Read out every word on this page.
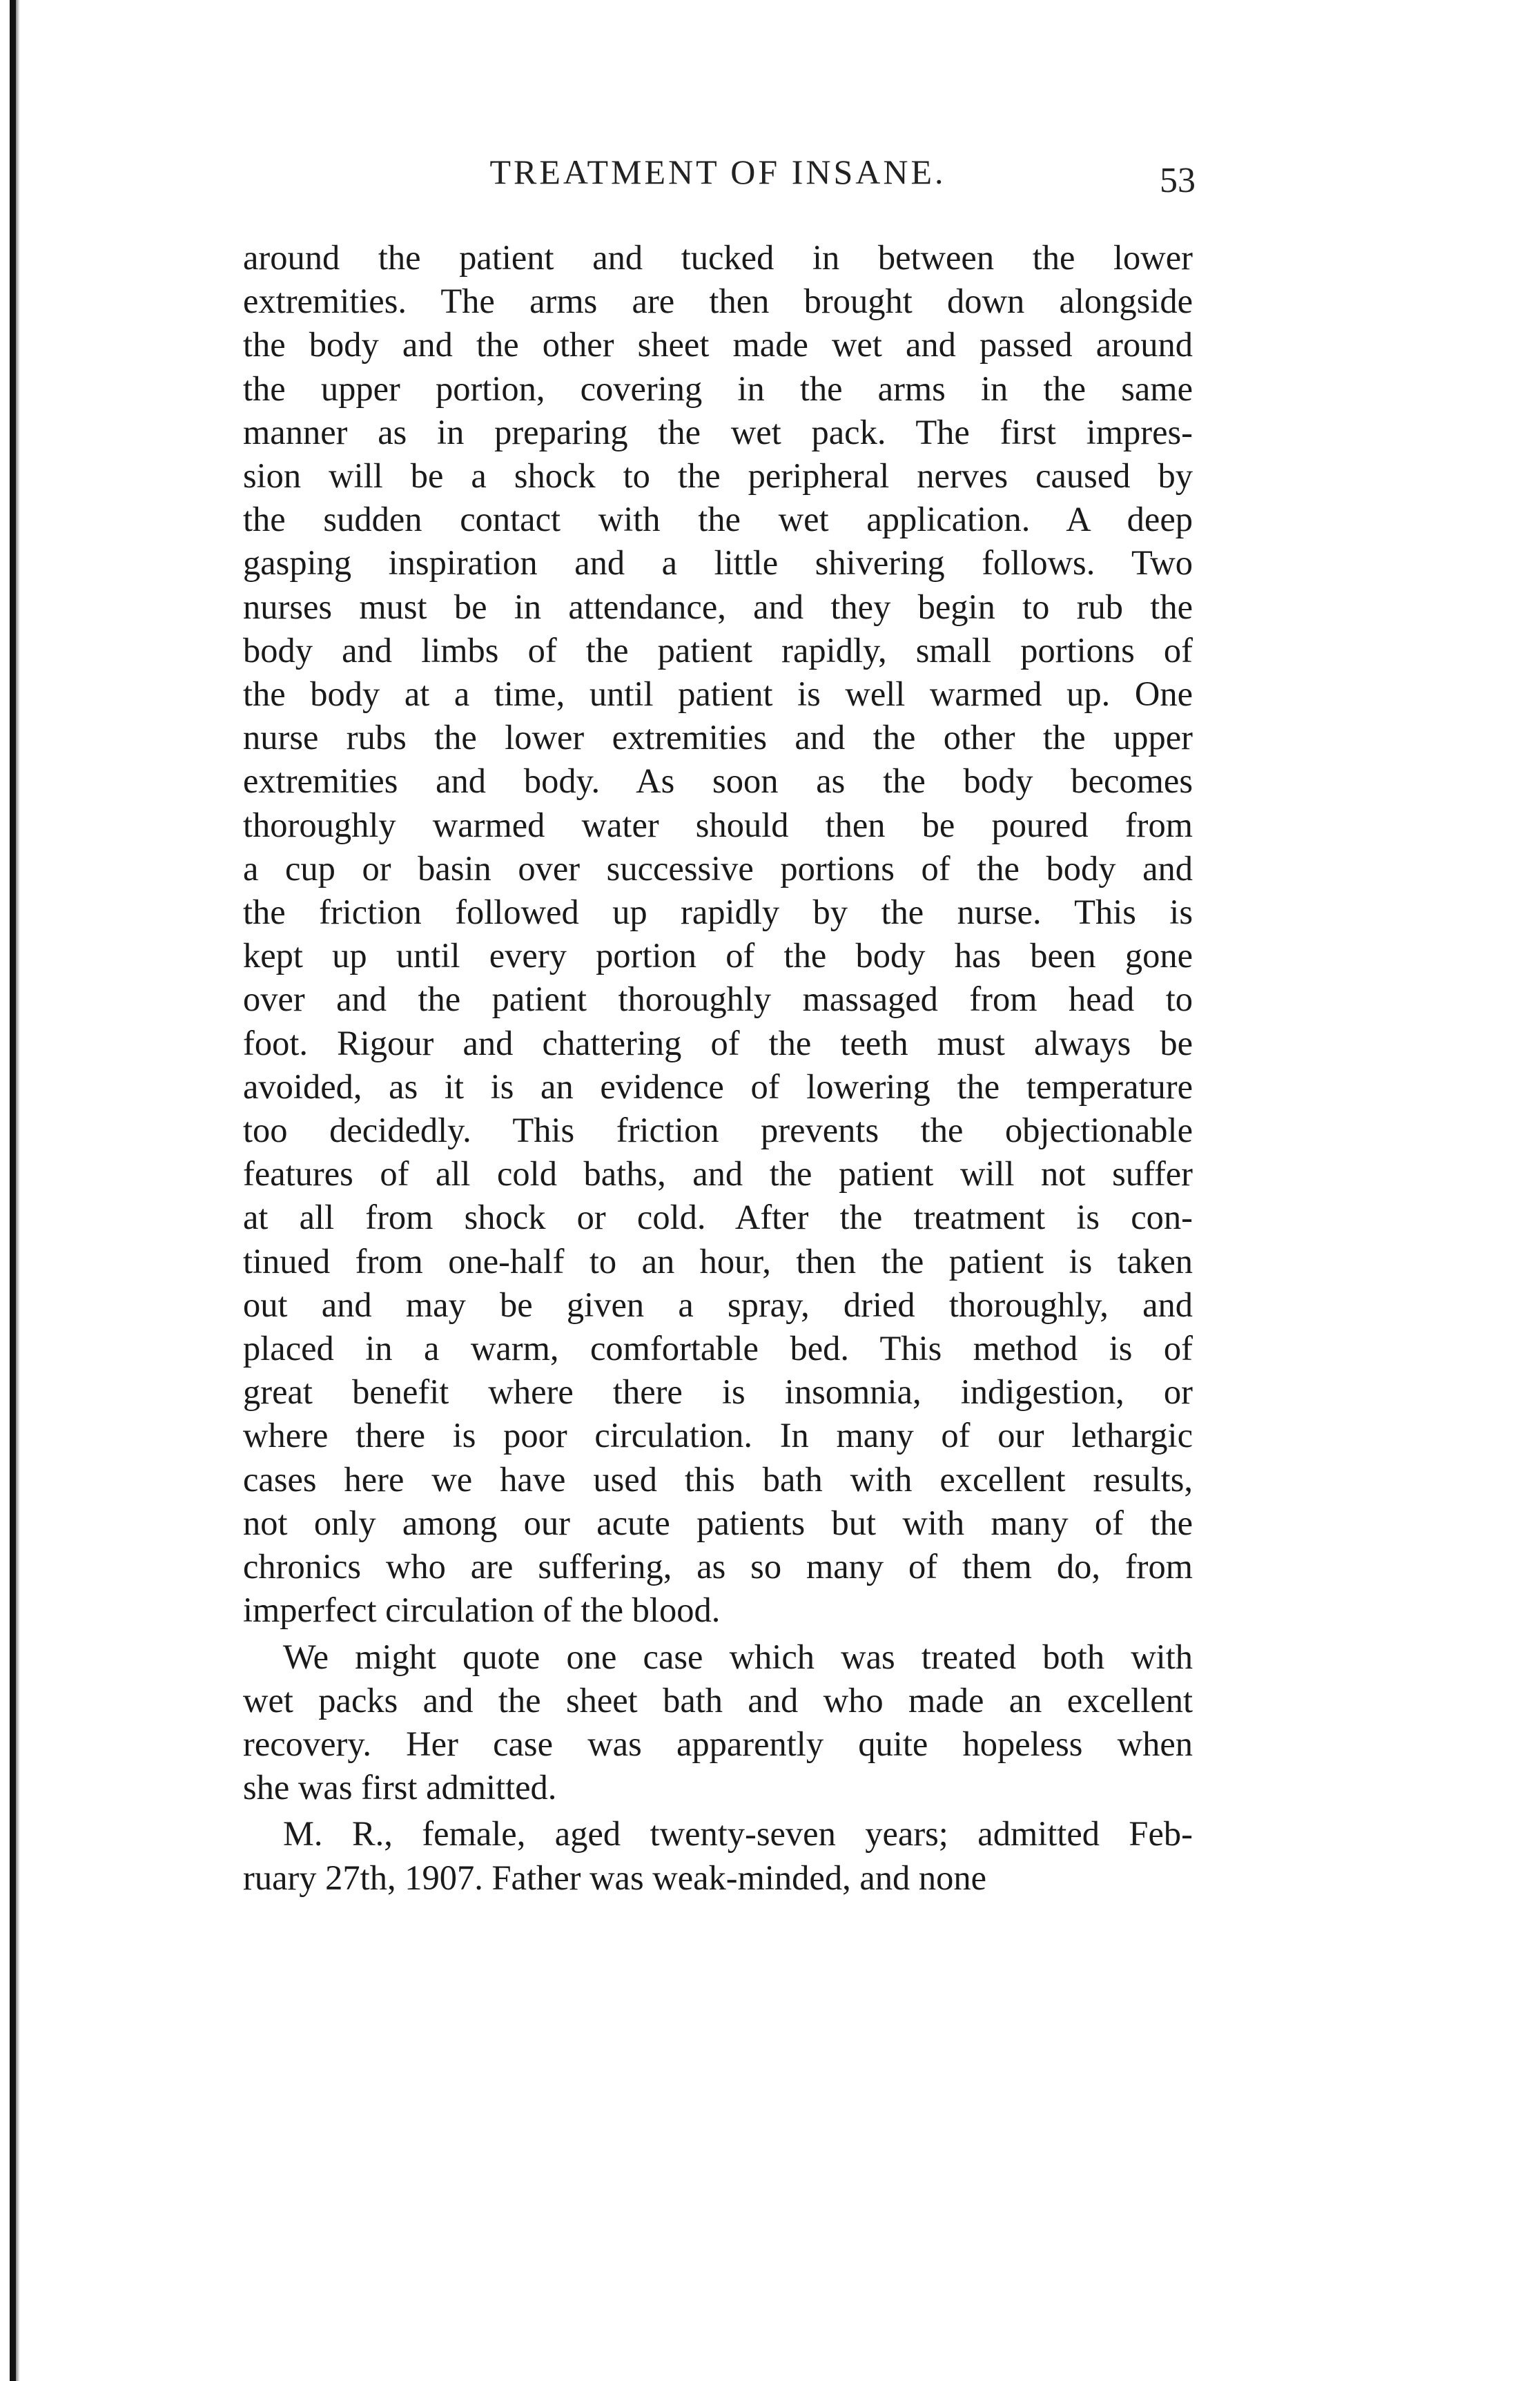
TREATMENT OF INSANE.	53

around the patient and tucked in between the lower
extremities. The arms are then brought down alongside
the body and the other sheet made wet and passed around
the upper portion, covering in the arms in the same
manner as in preparing the wet pack. The first impres-
sion will be a shock to the peripheral nerves caused by
the sudden contact with the wet application. A deep
gasping inspiration and a little shivering follows. Two
nurses must be in attendance, and they begin to rub the
body and limbs of the patient rapidly, small portions of
the body at a time, until patient is well warmed up. One
nurse rubs the lower extremities and the other the upper
extremities and body. As soon as the body becomes
thoroughly warmed water should then be poured from
a cup or basin over successive portions of the body and
the friction followed up rapidly by the nurse. This is
kept up until every portion of the body has been gone
over and the patient thoroughly massaged from head to
foot. Rigour and chattering of the teeth must always be
avoided, as it is an evidence of lowering the temperature
too decidedly. This friction prevents the objectionable
features of all cold baths, and the patient will not suffer
at all from shock or cold. After the treatment is con-
tinued from one-half to an hour, then the patient is taken
out and may be given a spray, dried thoroughly, and
placed in a warm, comfortable bed. This method is of
great benefit where there is insomnia, indigestion, or
where there is poor circulation. In many of our lethargic
cases here we have used this bath with excellent results,
not only among our acute patients but with many of the
chronics who are suffering, as so many of them do, from
imperfect circulation of the blood.

We might quote one case which was treated both with
wet packs and the sheet bath and who made an excellent
recovery. Her case was apparently quite hopeless when
she was first admitted.

M. R., female, aged twenty-seven years; admitted Feb-
ruary 27th, 1907. Father was weak-minded, and none
